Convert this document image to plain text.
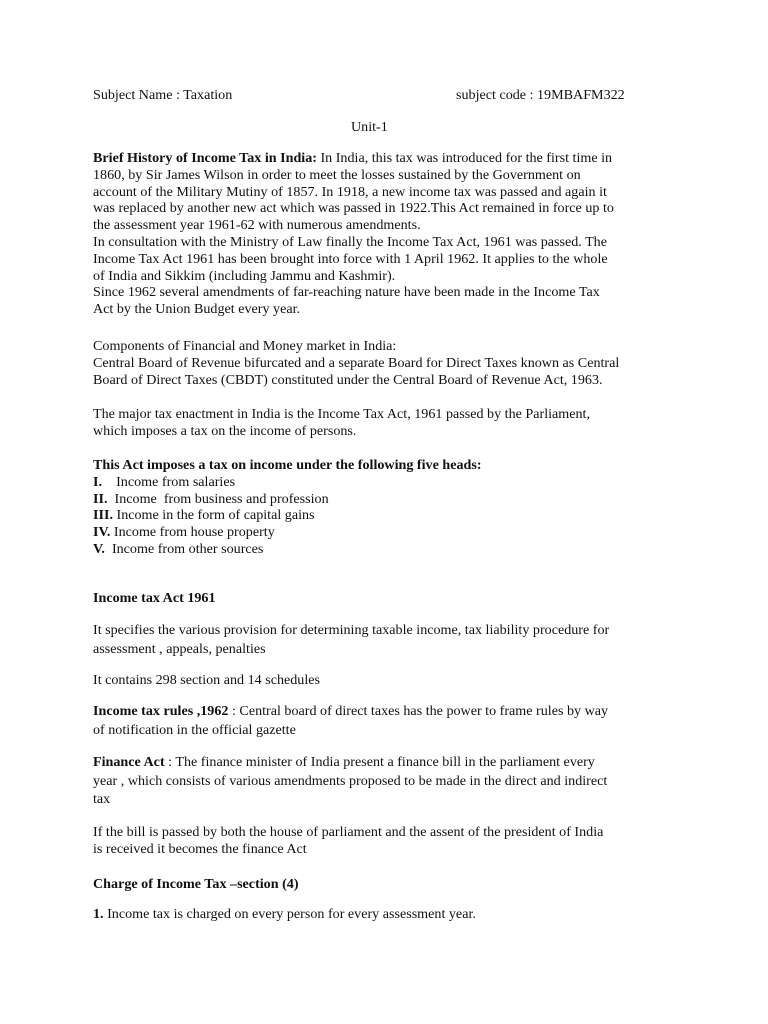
Subject Name : Taxation	subject code : 19MBAFM322
Unit-1
Brief History of Income Tax in India: In India, this tax was introduced for the first time in
1860, by Sir James Wilson in order to meet the losses sustained by the Government on
account of the Military Mutiny of 1857. In 1918, a new income tax was passed and again it
was replaced by another new act which was passed in 1922.This Act remained in force up to
the assessment year 1961-62 with numerous amendments.
In consultation with the Ministry of Law finally the Income Tax Act, 1961 was passed. The
Income Tax Act 1961 has been brought into force with 1 April 1962. It applies to the whole
of India and Sikkim (including Jammu and Kashmir).
Since 1962 several amendments of far-reaching nature have been made in the Income Tax
Act by the Union Budget every year.
Components of Financial and Money market in India:
Central Board of Revenue bifurcated and a separate Board for Direct Taxes known as Central
Board of Direct Taxes (CBDT) constituted under the Central Board of Revenue Act, 1963.
The major tax enactment in India is the Income Tax Act, 1961 passed by the Parliament,
which imposes a tax on the income of persons.
This Act imposes a tax on income under the following five heads:
I.    Income from salaries
II.  Income  from business and profession
III. Income in the form of capital gains
IV. Income from house property
V.  Income from other sources
Income tax Act 1961
It specifies the various provision for determining taxable income, tax liability procedure for
assessment , appeals, penalties
It contains 298 section and 14 schedules
Income tax rules ,1962 : Central board of direct taxes has the power to frame rules by way
of notification in the official gazette
Finance Act : The finance minister of India present a finance bill in the parliament every
year , which consists of various amendments proposed to be made in the direct and indirect
tax
If the bill is passed by both the house of parliament and the assent of the president of India
is received it becomes the finance Act
Charge of Income Tax –section (4)
1. Income tax is charged on every person for every assessment year.
